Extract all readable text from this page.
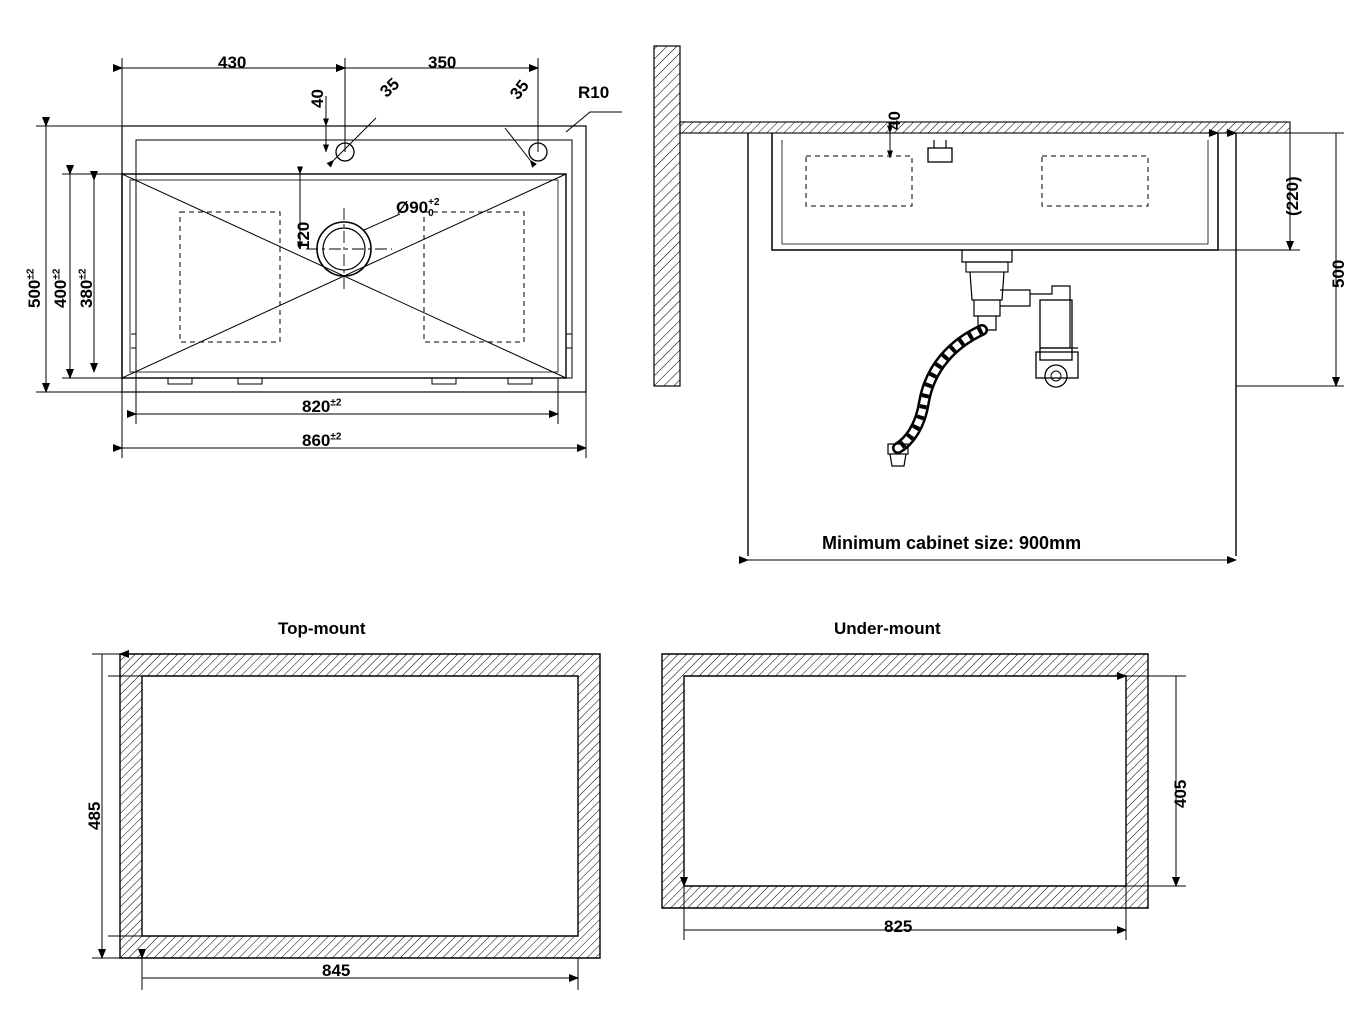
430	350
40	35	35	R10
120
Ø90 +2
0
$500^{\pm 2}$
$400^{\pm 2}$
$380^{\pm 2}$
$820^{\pm 2}$
$860^{\pm 2}$
40
(220)
500
Minimum cabinet size: 900mm
Top-mount
485
845
Under-mount
405
825
